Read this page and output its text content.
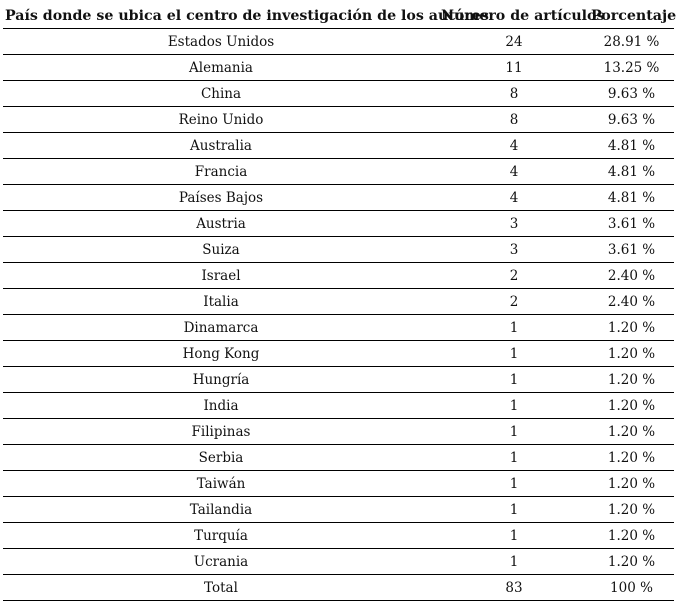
País donde se ubica el centro de investigación de los autores	Número de artículos	Porcentaje
Estados Unidos	24	28.91 %
Alemania	11	13.25 %
China	8	9.63 %
Reino Unido	8	9.63 %
Australia	4	4.81 %
Francia	4	4.81 %
Países Bajos	4	4.81 %
Austria	3	3.61 %
Suiza	3	3.61 %
Israel	2	2.40 %
Italia	2	2.40 %
Dinamarca	1	1.20 %
Hong Kong	1	1.20 %
Hungría	1	1.20 %
India	1	1.20 %
Filipinas	1	1.20 %
Serbia	1	1.20 %
Taiwán	1	1.20 %
Tailandia	1	1.20 %
Turquía	1	1.20 %
Ucrania	1	1.20 %
Total	83	100 %
